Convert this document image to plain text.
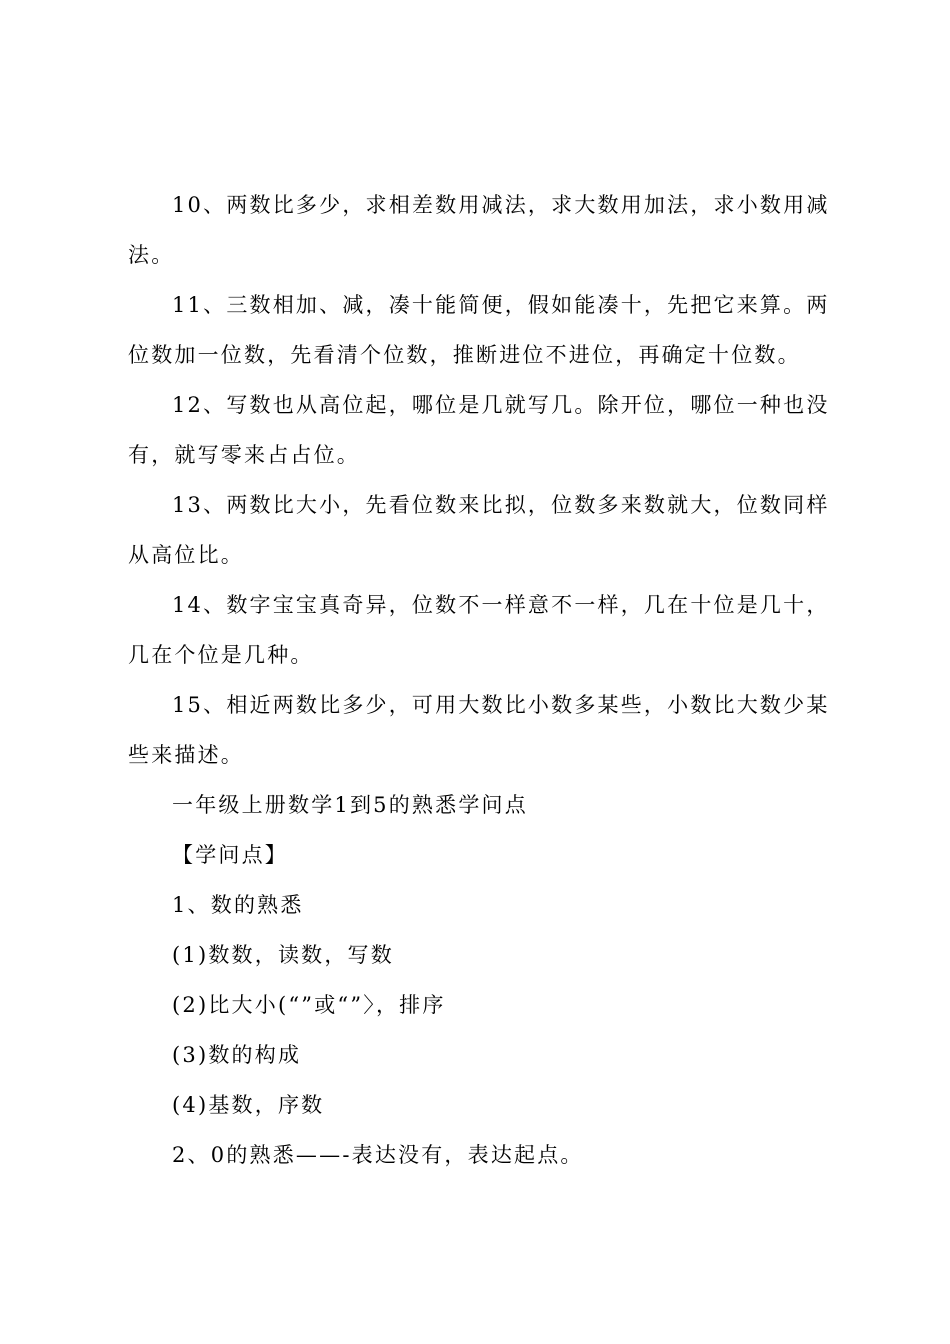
10、两数比多少，求相差数用减法，求大数用加法，求小数用减法。

11、三数相加、减，凑十能简便，假如能凑十，先把它来算。两位数加一位数，先看清个位数，推断进位不进位，再确定十位数。

12、写数也从高位起，哪位是几就写几。除开位，哪位一种也没有，就写零来占占位。

13、两数比大小，先看位数来比拟，位数多来数就大，位数同样从高位比。

14、数字宝宝真奇异，位数不一样意不一样，几在十位是几十，几在个位是几种。

15、相近两数比多少，可用大数比小数多某些，小数比大数少某些来描述。

一年级上册数学1到5的熟悉学问点

【学问点】

1、数的熟悉

(1)数数，读数，写数

(2)比大小(“”或“”〉，排序

(3)数的构成

(4)基数，序数

2、0的熟悉——-表达没有，表达起点。
